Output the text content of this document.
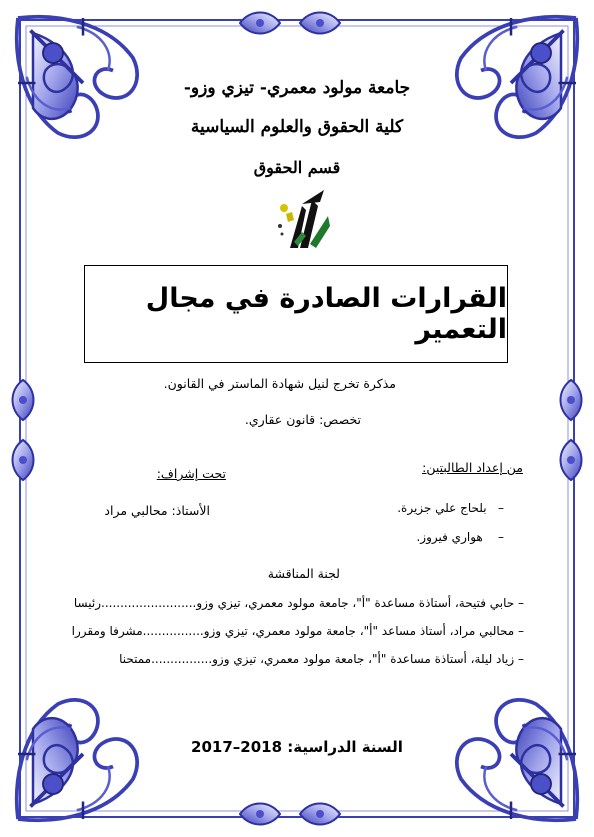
جامعة مولود معمري- تيزي وزو-
كلية الحقوق والعلوم السياسية
قسم الحقوق
القرارات الصادرة في مجال التعمير
مذكرة تخرج لنيل شهادة الماستر في القانون.
تخصص: قانون عقاري.
من إعداد الطالبتين:
–   بلحاج علي جزيرة.
–    هواري فيروز.
تحت إشراف:
الأستاذ: محالبي مراد
لجنة المناقشة
– حابي فتيحة، أستاذة مساعدة "أ"، جامعة مولود معمري، تيزي وزو.........................رئيسا
– محالبي مراد، أستاذ مساعد "أ"، جامعة مولود معمري، تيزي وزو................مشرفا ومقررا
– زياد ليلة، أستاذة مساعدة "أ"، جامعة مولود معمري، تيزي وزو................ممتحنا
السنة الدراسية: 2017–2018
